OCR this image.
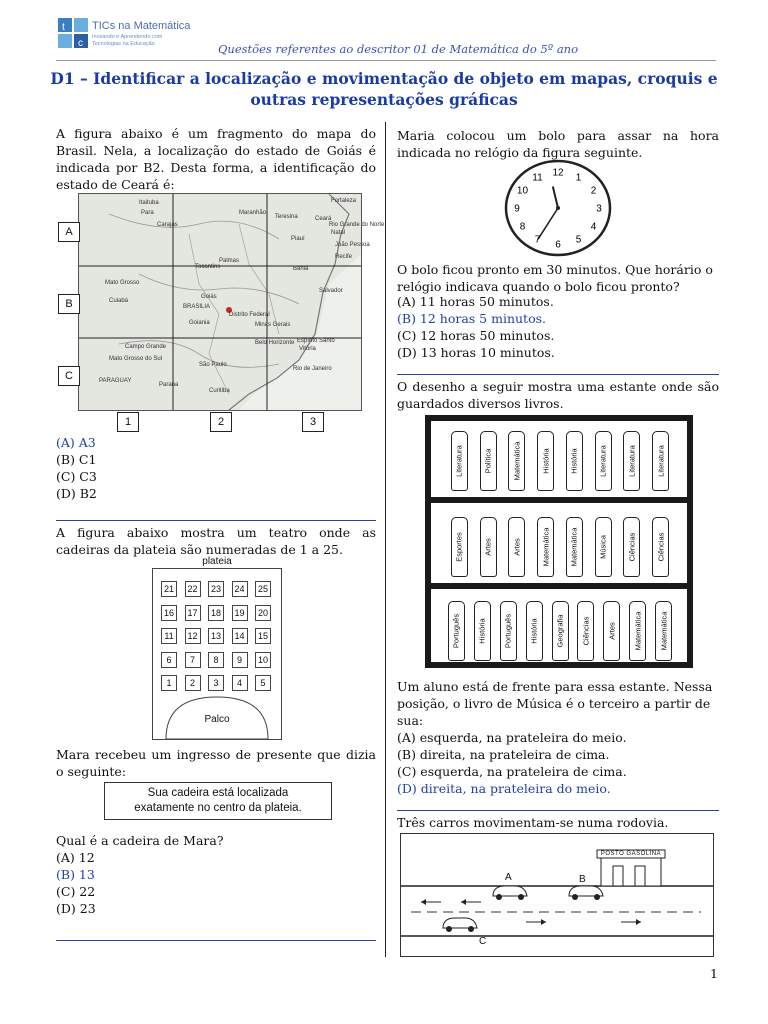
t
c
TICs na Matemática
Inovando e Aprendendo com Tecnologias na Educação	Questões referentes ao descritor 01 de Matemática do 5º ano
D1 – Identificar a localização e movimentação de objeto em mapas, croquis e
outras representações gráficas
A figura abaixo é um fragmento do mapa do Brasil. Nela, a localização do estado de Goiás é indicada por B2. Desta forma, a identificação do estado de Ceará é:
Itaituba
Para
Carajás
Maranhão
Teresina	Ceará
Fortaleza
Piauí
Natal
Rio Grande do Norte
João Pessoa
Recife
Tocantins
Palmas
Bahia
Salvador
Mato Grosso
Cuiabá
Goiás
BRASILIA
Distrito Federal
Goiania	Minas Gerais
Belo Horizonte Espírito Santo
Vitória
Mato Grosso do Sul
Campo Grande
São Paulo
Rio de Janeiro
PARAGUAY
Parana
Curitiba
A
B
C
1	2	3
(A) A3
(B) C1
(C) C3
(D) B2
A figura abaixo mostra um teatro onde as cadeiras da plateia são numeradas de 1 a 25.
plateia
21	22	23	24	25
16	17	18	19	20
11	12	13	14	15
6	7	8	9	10
1	2	3	4	5
Palco
Mara recebeu um ingresso de presente que dizia o seguinte:
Sua cadeira está localizada exatamente no centro da plateia.
Qual é a cadeira de Mara?
(A) 12
(B) 13
(C) 22
(D) 23
Maria colocou um bolo para assar na hora indicada no relógio da figura seguinte.
12 1
2
3
4
5
6
7
8
9
10
11
O bolo ficou pronto em 30 minutos. Que horário o relógio indicava quando o bolo ficou pronto?
(A) 11 horas 50 minutos.
(B) 12 horas 5 minutos.
(C) 12 horas 50 minutos.
(D) 13 horas 10 minutos.
O desenho a seguir mostra uma estante onde são guardados diversos livros.
Literatura	Política	Matemática	História	História	Literatura	Literatura	Literatura
Esportes	Artes	Artes	Matemática	Matemática	Música	Ciências	Ciências
Português História Português História Geografia Ciências Artes Matemática Matemática
Um aluno está de frente para essa estante. Nessa posição, o livro de Música é o terceiro a partir de sua:
(A) esquerda, na prateleira do meio.
(B) direita, na prateleira de cima.
(C) esquerda, na prateleira de cima.
(D) direita, na prateleira do meio.
Três carros movimentam-se numa rodovia.
POSTO GASOLINA
A	B
C
1
